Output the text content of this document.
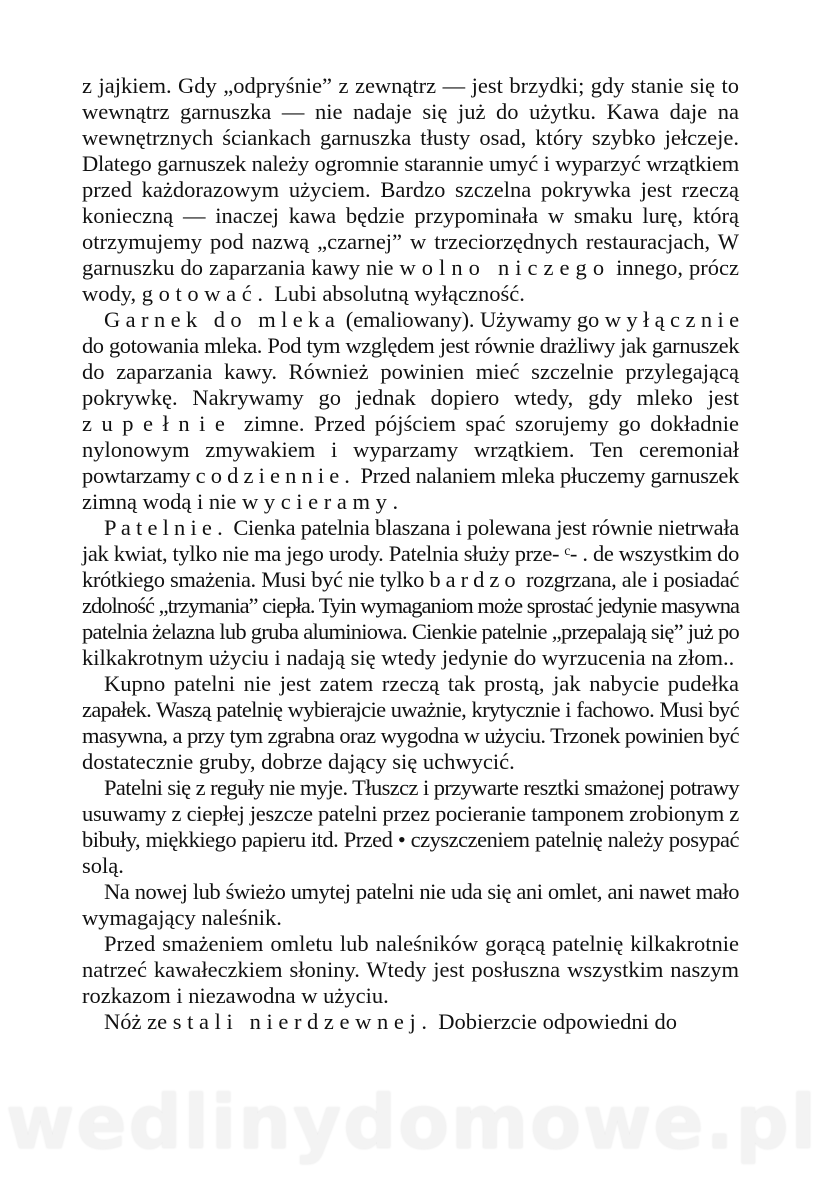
wedlinydomowe.pl
z jajkiem. Gdy „odpryśnie” z zewnątrz — jest brzydki; gdy stanie się to
wewnątrz garnuszka — nie nadaje się już do użytku. Kawa daje na
wewnętrznych ściankach garnuszka tłusty osad, który szybko jełczeje.
Dlatego garnuszek należy ogromnie starannie umyć i wyparzyć wrzątkiem
przed każdorazowym użyciem. Bardzo szczelna pokrywka jest rzeczą
konieczną — inaczej kawa będzie przypominała w smaku lurę, którą
otrzymujemy pod nazwą „czarnej” w trzeciorzędnych restauracjach, W
garnuszku do zaparzania kawy nie w o l n o   n i c z e g o  innego, prócz
wody, g o t o w a ć .  Lubi absolutną wyłączność.
G a r n e k   d o   m l e k a  (emaliowany). Używamy go w y ł ą c z n i e
do gotowania mleka. Pod tym względem jest równie drażliwy jak garnuszek
do zaparzania kawy. Również powinien mieć szczelnie przylegającą
pokrywkę. Nakrywamy go jednak dopiero wtedy, gdy mleko jest
z u p e ł n i e  zimne. Przed pójściem spać szorujemy go dokładnie
nylonowym zmywakiem i wyparzamy wrzątkiem. Ten ceremoniał
powtarzamy c o d z i e n n i e .  Przed nalaniem mleka płuczemy garnuszek
zimną wodą i nie w y c i e r a m y .
P a t e l n i e .  Cienka patelnia blaszana i polewana jest równie nietrwała
jak kwiat, tylko nie ma jego urody. Patelnia służy prze- ᶜ- . de wszystkim do
krótkiego smażenia. Musi być nie tylko b a r d z o  rozgrzana, ale i posiadać
zdolność „trzymania” ciepła. Tyin wymaganiom może sprostać jedynie masywna
patelnia żelazna lub gruba aluminiowa. Cienkie patelnie „przepalają się” już po
kilkakrotnym użyciu i nadają się wtedy jedynie do wyrzucenia na złom..
Kupno patelni nie jest zatem rzeczą tak prostą, jak nabycie pudełka
zapałek. Waszą patelnię wybierajcie uważnie, krytycznie i fachowo. Musi być
masywna, a przy tym zgrabna oraz wygodna w użyciu. Trzonek powinien być
dostatecznie gruby, dobrze dający się uchwycić.
Patelni się z reguły nie myje. Tłuszcz i przywarte resztki smażonej potrawy
usuwamy z ciepłej jeszcze patelni przez pocieranie tamponem zrobionym z
bibuły, miękkiego papieru itd. Przed • czyszczeniem patelnię należy posypać
solą.
Na nowej lub świeżo umytej patelni nie uda się ani omlet, ani nawet mało
wymagający naleśnik.
Przed smażeniem omletu lub naleśników gorącą patelnię kilkakrotnie
natrzeć kawałeczkiem słoniny. Wtedy jest posłuszna wszystkim naszym
rozkazom i niezawodna w użyciu.
Nóż ze s t a l i   n i e r d z e w n e j .  Dobierzcie odpowiedni do
